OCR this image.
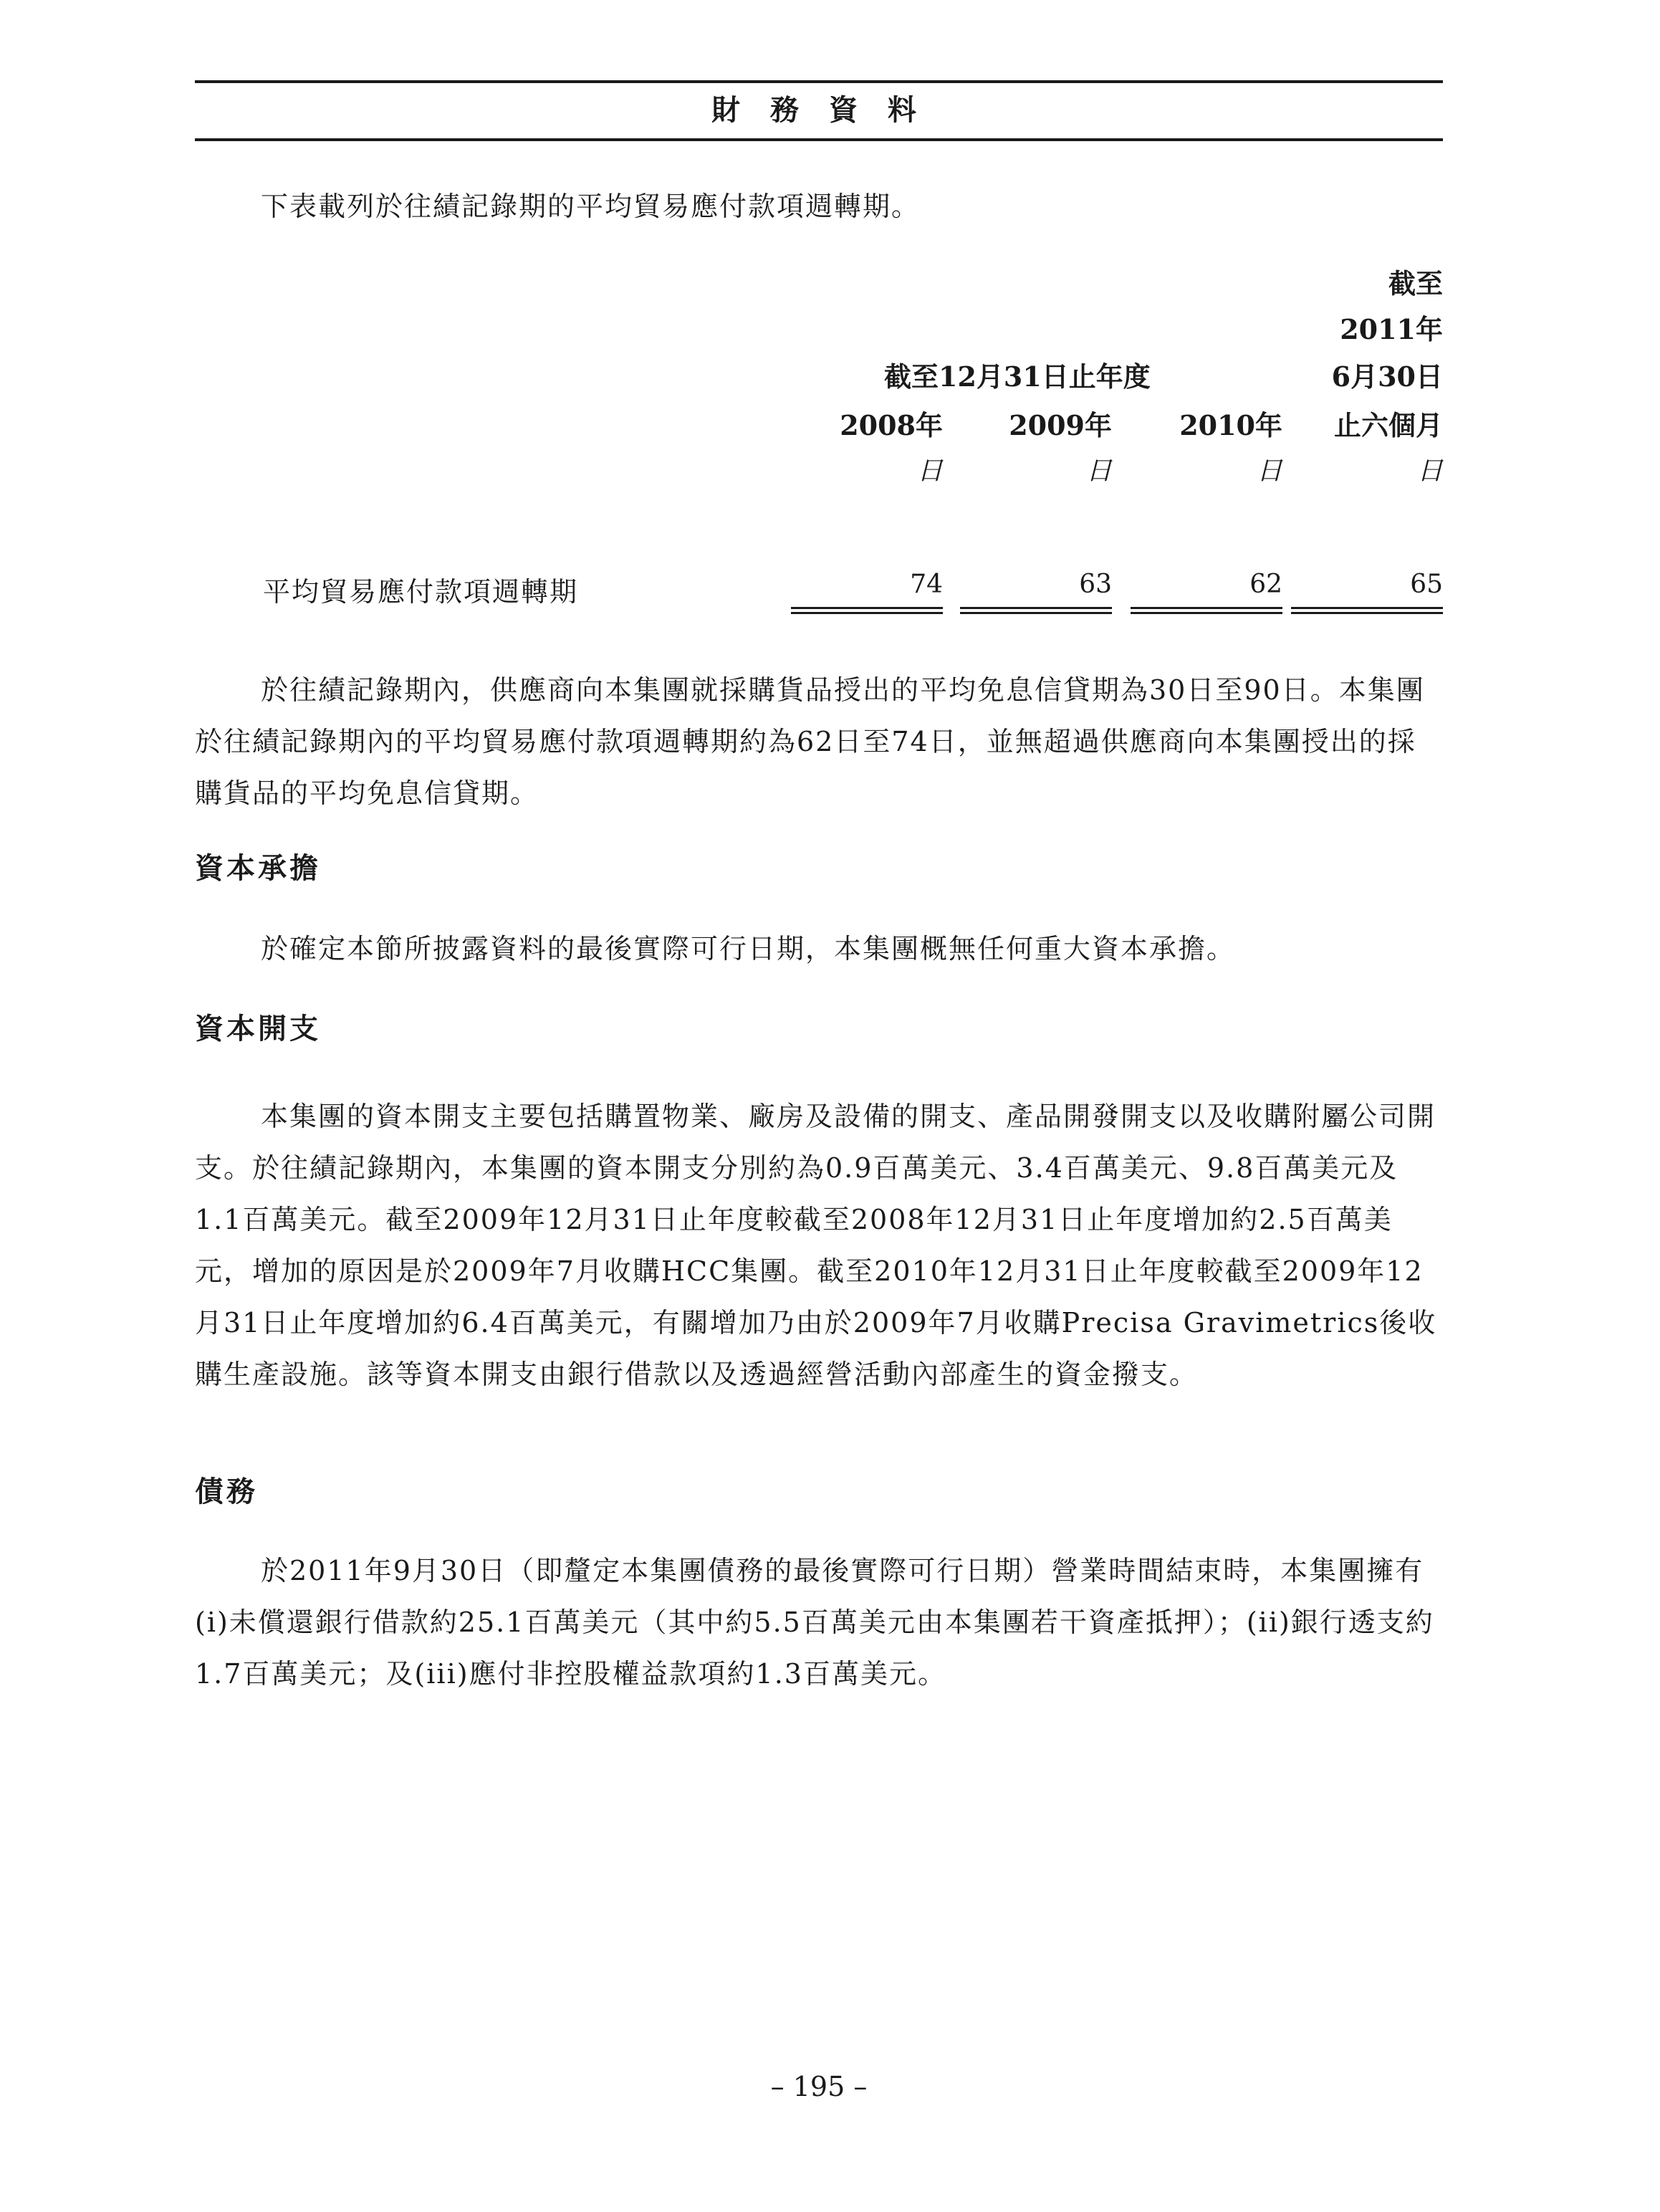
財 務 資 料

下表載列於往績記錄期的平均貿易應付款項週轉期。

截至
2011年
6月30日
止六個月
截至12月31日止年度
2008年	2009年	2010年
日	日	日	日
平均貿易應付款項週轉期	74	63	62	65

於往績記錄期內，供應商向本集團就採購貨品授出的平均免息信貸期為30日至90日。本集團於往績記錄期內的平均貿易應付款項週轉期約為62日至74日，並無超過供應商向本集團授出的採購貨品的平均免息信貸期。

資本承擔

於確定本節所披露資料的最後實際可行日期，本集團概無任何重大資本承擔。

資本開支

本集團的資本開支主要包括購置物業、廠房及設備的開支、產品開發開支以及收購附屬公司開支。於往績記錄期內，本集團的資本開支分別約為0.9百萬美元、3.4百萬美元、9.8百萬美元及1.1百萬美元。截至2009年12月31日止年度較截至2008年12月31日止年度增加約2.5百萬美元，增加的原因是於2009年7月收購HCC集團。截至2010年12月31日止年度較截至2009年12月31日止年度增加約6.4百萬美元，有關增加乃由於2009年7月收購Precisa Gravimetrics後收購生產設施。該等資本開支由銀行借款以及透過經營活動內部產生的資金撥支。

債務

於2011年9月30日（即釐定本集團債務的最後實際可行日期）營業時間結束時，本集團擁有(i)未償還銀行借款約25.1百萬美元（其中約5.5百萬美元由本集團若干資產抵押）；(ii)銀行透支約1.7百萬美元；及(iii)應付非控股權益款項約1.3百萬美元。

– 195 –
